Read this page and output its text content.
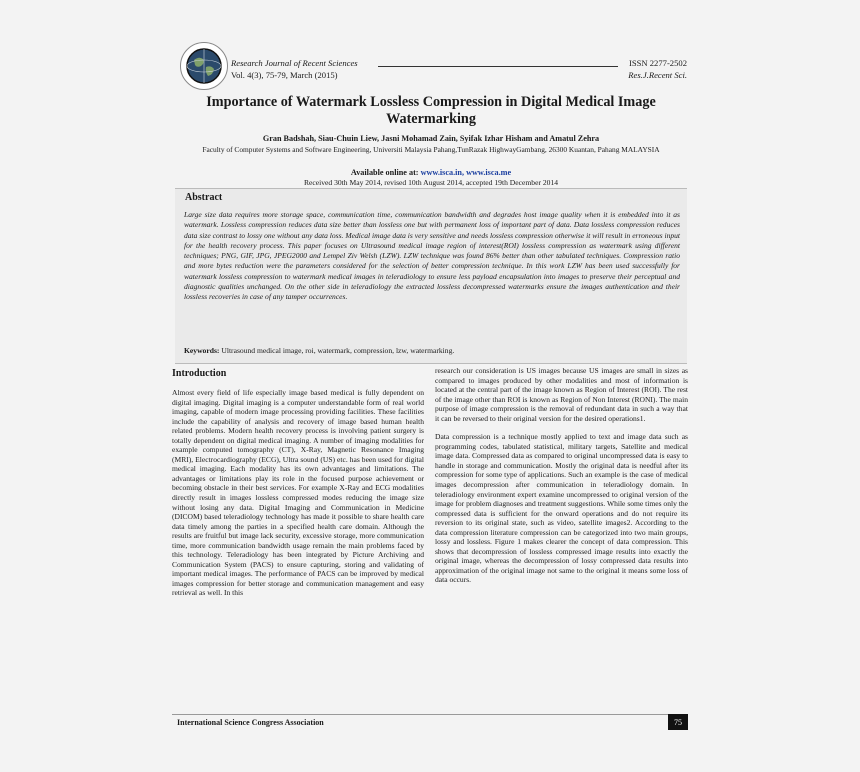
Research Journal of Recent Sciences
Vol. 4(3), 75-79, March (2015)
ISSN 2277-2502
Res.J.Recent Sci.
Importance of Watermark Lossless Compression in Digital Medical Image Watermarking
Gran Badshah, Siau-Chuin Liew, Jasni Mohamad Zain, Syifak Izhar Hisham and Amatul Zehra
Faculty of Computer Systems and Software Engineering, Universiti Malaysia Pahang,TunRazak HighwayGambang, 26300 Kuantan, Pahang MALAYSIA
Available online at: www.isca.in, www.isca.me
Received 30th May 2014, revised 10th August 2014, accepted 19th December 2014
Abstract
Large size data requires more storage space, communication time, communication bandwidth and degrades host image quality when it is embedded into it as watermark. Lossless compression reduces data size better than lossless one but with permanent loss of important part of data. Data lossless compression reduces data size contrast to lossy one without any data loss. Medical image data is very sensitive and needs lossless compression otherwise it will result in erroneous input for the health recovery process. This paper focuses on Ultrasound medical image region of interest(ROI) lossless compression as watermark using different techniques; PNG, GIF, JPG, JPEG2000 and Lempel Ziv Welsh (LZW). LZW technique was found 86% better than other tabulated techniques. Compression ratio and more bytes reduction were the parameters considered for the selection of better compression technique. In this work LZW has been used successfully for watermark lossless compression to watermark medical images in teleradiology to ensure less payload encapsulation into images to preserve their perceptual and diagnostic qualities unchanged. On the other side in teleradiology the extracted lossless decompressed watermarks ensure the images authentication and their lossless recoveries in case of any tamper occurrences.
Keywords: Ultrasound medical image, roi, watermark, compression, lzw, watermarking.
Introduction

Almost every field of life especially image based medical is fully dependent on digital imaging. Digital imaging is a computer understandable form of real world imaging, capable of modern image processing providing facilities. These facilities include the capability of analysis and recovery of image based human health related problems. Modern health recovery process is involving patient surgery is totally dependent on digital medical imaging. A number of imaging modalities for example computed tomography (CT), X-Ray, Magnetic Resonance Imaging (MRI), Electrocardiography (ECG), Ultra sound (US) etc. has been used for digital medical imaging. Each modality has its own advantages and limitations. The advantages or limitations play its role in the focused purpose achievement or becoming obstacle in their best services. For example X-Ray and ECG modalities directly result in images lossless compressed modes reducing the image size without losing any data. Digital Imaging and Communication in Medicine (DICOM) based teleradiology technology has made it possible to share health care data timely among the parties in a specified health care domain. Although the results are fruitful but image lack security, excessive storage, more communication time, more communication bandwidth usage remain the main problems faced by this technology. Teleradiology has been integrated by Picture Archiving and Communication System (PACS) to ensure capturing, storing and validating of important medical images. The performance of PACS can be improved by medical images compression for better storage and communication management and easy retrieval as well. In this

research our consideration is US images because US images are small in sizes as compared to images produced by other modalities and most of information is located at the central part of the image known as Region of Interest (ROI). The rest of the image other than ROI is known as Region of Non Interest (RONI). The main purpose of image compression is the removal of redundant data in such a way that it can be reversed to their original version for the desired operations1.

Data compression is a technique mostly applied to text and image data such as programming codes, tabulated statistical, military targets, Satellite and medical image data. Compressed data as compared to original uncompressed data is easy to handle in storage and communication. Mostly the original data is needful after its compression for some type of applications. Such an example is the case of medical images decompression after communication in teleradiology domain. In teleradiology environment expert examine uncompressed to original version of the image for problem diagnoses and treatment suggestions. While some times only the compressed data is sufficient for the onward operations and do not require its reversion to its original state, such as video, satellite images2. According to the data compression literature compression can be categorized into two main groups, lossy and lossless. Figure 1 makes clearer the concept of data compression. This shows that decompression of lossless compressed image results into exactly the original image, whereas the decompression of lossy compressed data results into approximation of the original image not same to the original it means some loss of data occurs.

International Science Congress Association	75
